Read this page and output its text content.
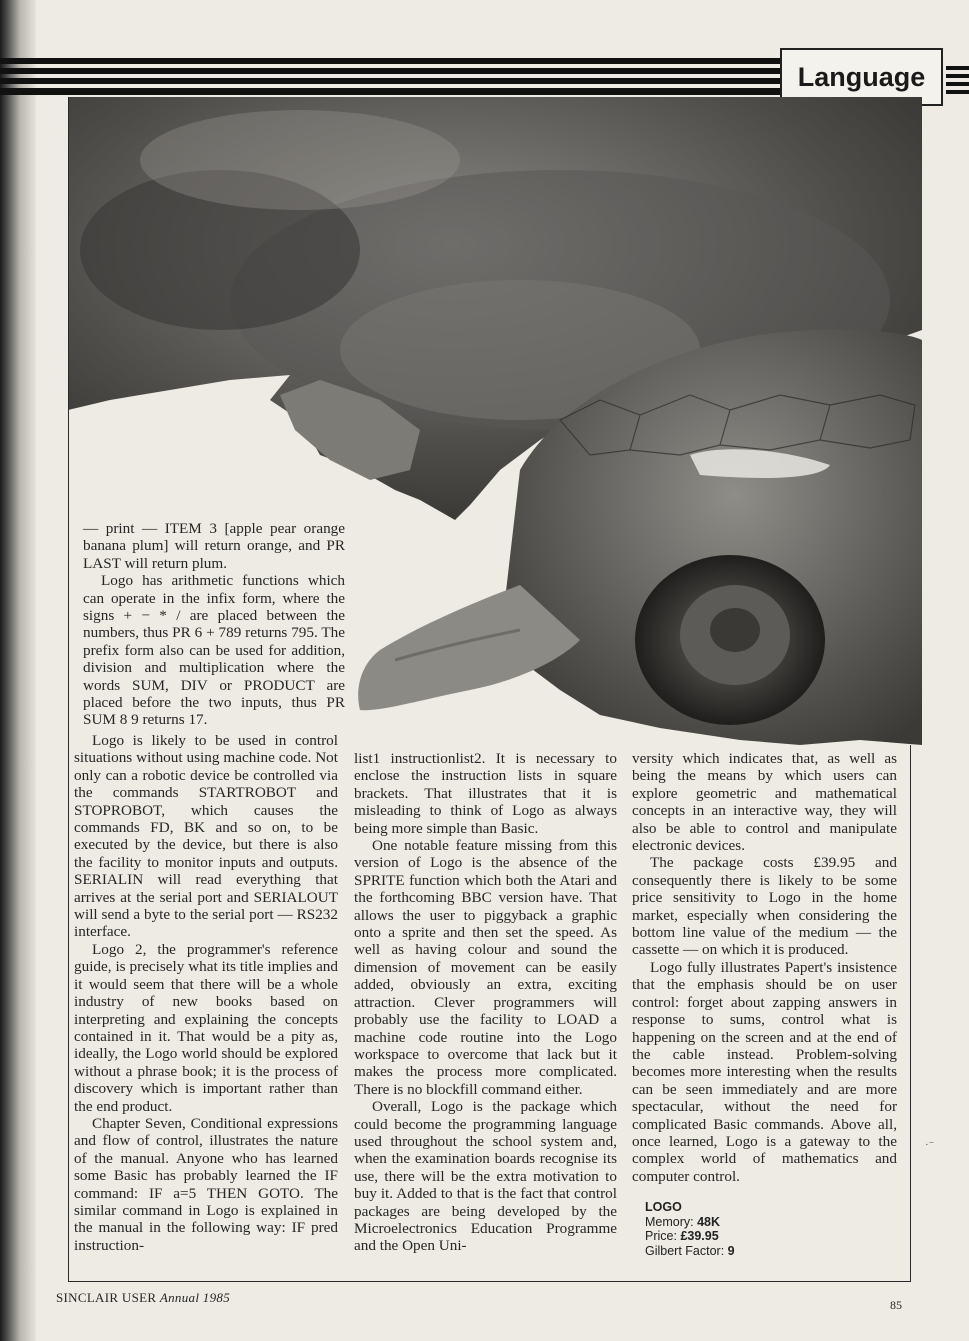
Language

— print — ITEM 3 [apple pear orange banana plum] will return orange, and PR LAST will return plum.

Logo has arithmetic functions which can operate in the infix form, where the signs + − * / are placed between the numbers, thus PR 6 + 789 returns 795. The prefix form also can be used for addition, division and multiplication where the words SUM, DIV or PRODUCT are placed before the two inputs, thus PR SUM 8 9 returns 17.

Logo is likely to be used in control situations without using machine code. Not only can a robotic device be controlled via the commands STARTROBOT and STOPROBOT, which causes the commands FD, BK and so on, to be executed by the device, but there is also the facility to monitor inputs and outputs. SERIALIN will read everything that arrives at the serial port and SERIALOUT will send a byte to the serial port — RS232 interface.

Logo 2, the programmer's reference guide, is precisely what its title implies and it would seem that there will be a whole industry of new books based on interpreting and explaining the concepts contained in it. That would be a pity as, ideally, the Logo world should be explored without a phrase book; it is the process of discovery which is important rather than the end product.

Chapter Seven, Conditional expressions and flow of control, illustrates the nature of the manual. Anyone who has learned some Basic has probably learned the IF command: IF a=5 THEN GOTO. The similar command in Logo is explained in the manual in the following way: IF pred instruction-

list1 instructionlist2. It is necessary to enclose the instruction lists in square brackets. That illustrates that it is misleading to think of Logo as always being more simple than Basic.

One notable feature missing from this version of Logo is the absence of the SPRITE function which both the Atari and the forthcoming BBC version have. That allows the user to piggyback a graphic onto a sprite and then set the speed. As well as having colour and sound the dimension of movement can be easily added, obviously an extra, exciting attraction. Clever programmers will probably use the facility to LOAD a machine code routine into the Logo workspace to overcome that lack but it makes the process more complicated. There is no blockfill command either.

Overall, Logo is the package which could become the programming language used throughout the school system and, when the examination boards recognise its use, there will be the extra motivation to buy it. Added to that is the fact that control packages are being developed by the Microelectronics Education Programme and the Open Uni-

versity which indicates that, as well as being the means by which users can explore geometric and mathematical concepts in an interactive way, they will also be able to control and manipulate electronic devices.

The package costs £39.95 and consequently there is likely to be some price sensitivity to Logo in the home market, especially when considering the bottom line value of the medium — the cassette — on which it is produced.

Logo fully illustrates Papert's insistence that the emphasis should be on user control: forget about zapping answers in response to sums, control what is happening on the screen and at the end of the cable instead. Problem-solving becomes more interesting when the results can be seen immediately and are more spectacular, without the need for complicated Basic commands. Above all, once learned, Logo is a gateway to the complex world of mathematics and computer control.

LOGO
Memory: 48K
Price: £39.95
Gilbert Factor: 9
·⁻
SINCLAIR USER Annual 1985	85
